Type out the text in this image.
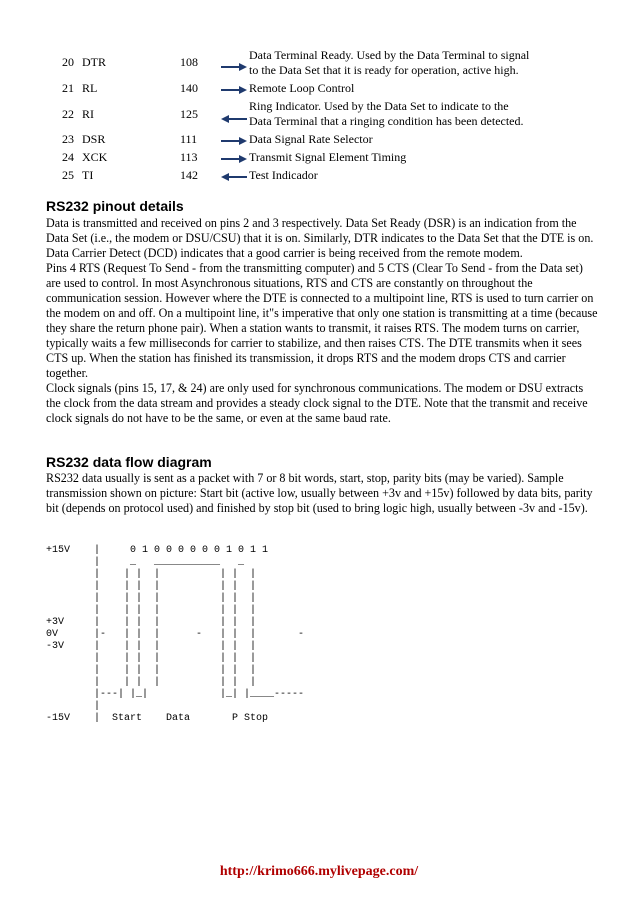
20 DTR	108	Data Terminal Ready. Used by the Data Terminal to signal
to the Data Set that it is ready for operation, active high.
21 RL	140	Remote Loop Control
22 RI	125
Ring Indicator. Used by the Data Set to indicate to the
Data Terminal that a ringing condition has been detected.
23 DSR	111	Data Signal Rate Selector
24 XCK	113	Transmit Signal Element Timing
25 TI	142	Test Indicador
RS232 pinout details

Data is transmitted and received on pins 2 and 3 respectively. Data Set Ready (DSR) is an indication from the Data Set (i.e., the modem or DSU/CSU) that it is on. Similarly, DTR indicates to the Data Set that the DTE is on. Data Carrier Detect (DCD) indicates that a good carrier is being received from the remote modem.

Pins 4 RTS (Request To Send - from the transmitting computer) and 5 CTS (Clear To Send - from the Data set) are used to control. In most Asynchronous situations, RTS and CTS are constantly on throughout the communication session. However where the DTE is connected to a multipoint line, RTS is used to turn carrier on the modem on and off. On a multipoint line, it"s imperative that only one station is transmitting at a time (because they share the return phone pair). When a station wants to transmit, it raises RTS. The modem turns on carrier, typically waits a few milliseconds for carrier to stabilize, and then raises CTS. The DTE transmits when it sees CTS up. When the station has finished its transmission, it drops RTS and the modem drops CTS and carrier together.

Clock signals (pins 15, 17, & 24) are only used for synchronous communications. The modem or DSU extracts the clock from the data stream and provides a steady clock signal to the DTE. Note that the transmit and receive clock signals do not have to be the same, or even at the same baud rate.

RS232 data flow diagram

RS232 data usually is sent as a packet with 7 or 8 bit words, start, stop, parity bits (may be varied). Sample transmission shown on picture: Start bit (active low, usually between +3v and +15v) followed by data bits, parity bit (depends on protocol used) and finished by stop bit (used to bring logic high, usually between -3v and -15v).

+15V    |     0 1 0 0 0 0 0 0 1 0 1 1
|     _   ___________   _
|    | |  |          | |  |
|    | |  |          | |  |
|    | |  |          | |  |
|    | |  |          | |  |
+3V     |    | |  |          | |  |
0V      |-   | |  |      -   | |  |       -
-3V     |    | |  |          | |  |
|    | |  |          | |  |
|    | |  |          | |  |
|    | |  |          | |  |
|---| |_|            |_| |____-----
|
-15V    |  Start    Data       P Stop
http://krimo666.mylivepage.com/
